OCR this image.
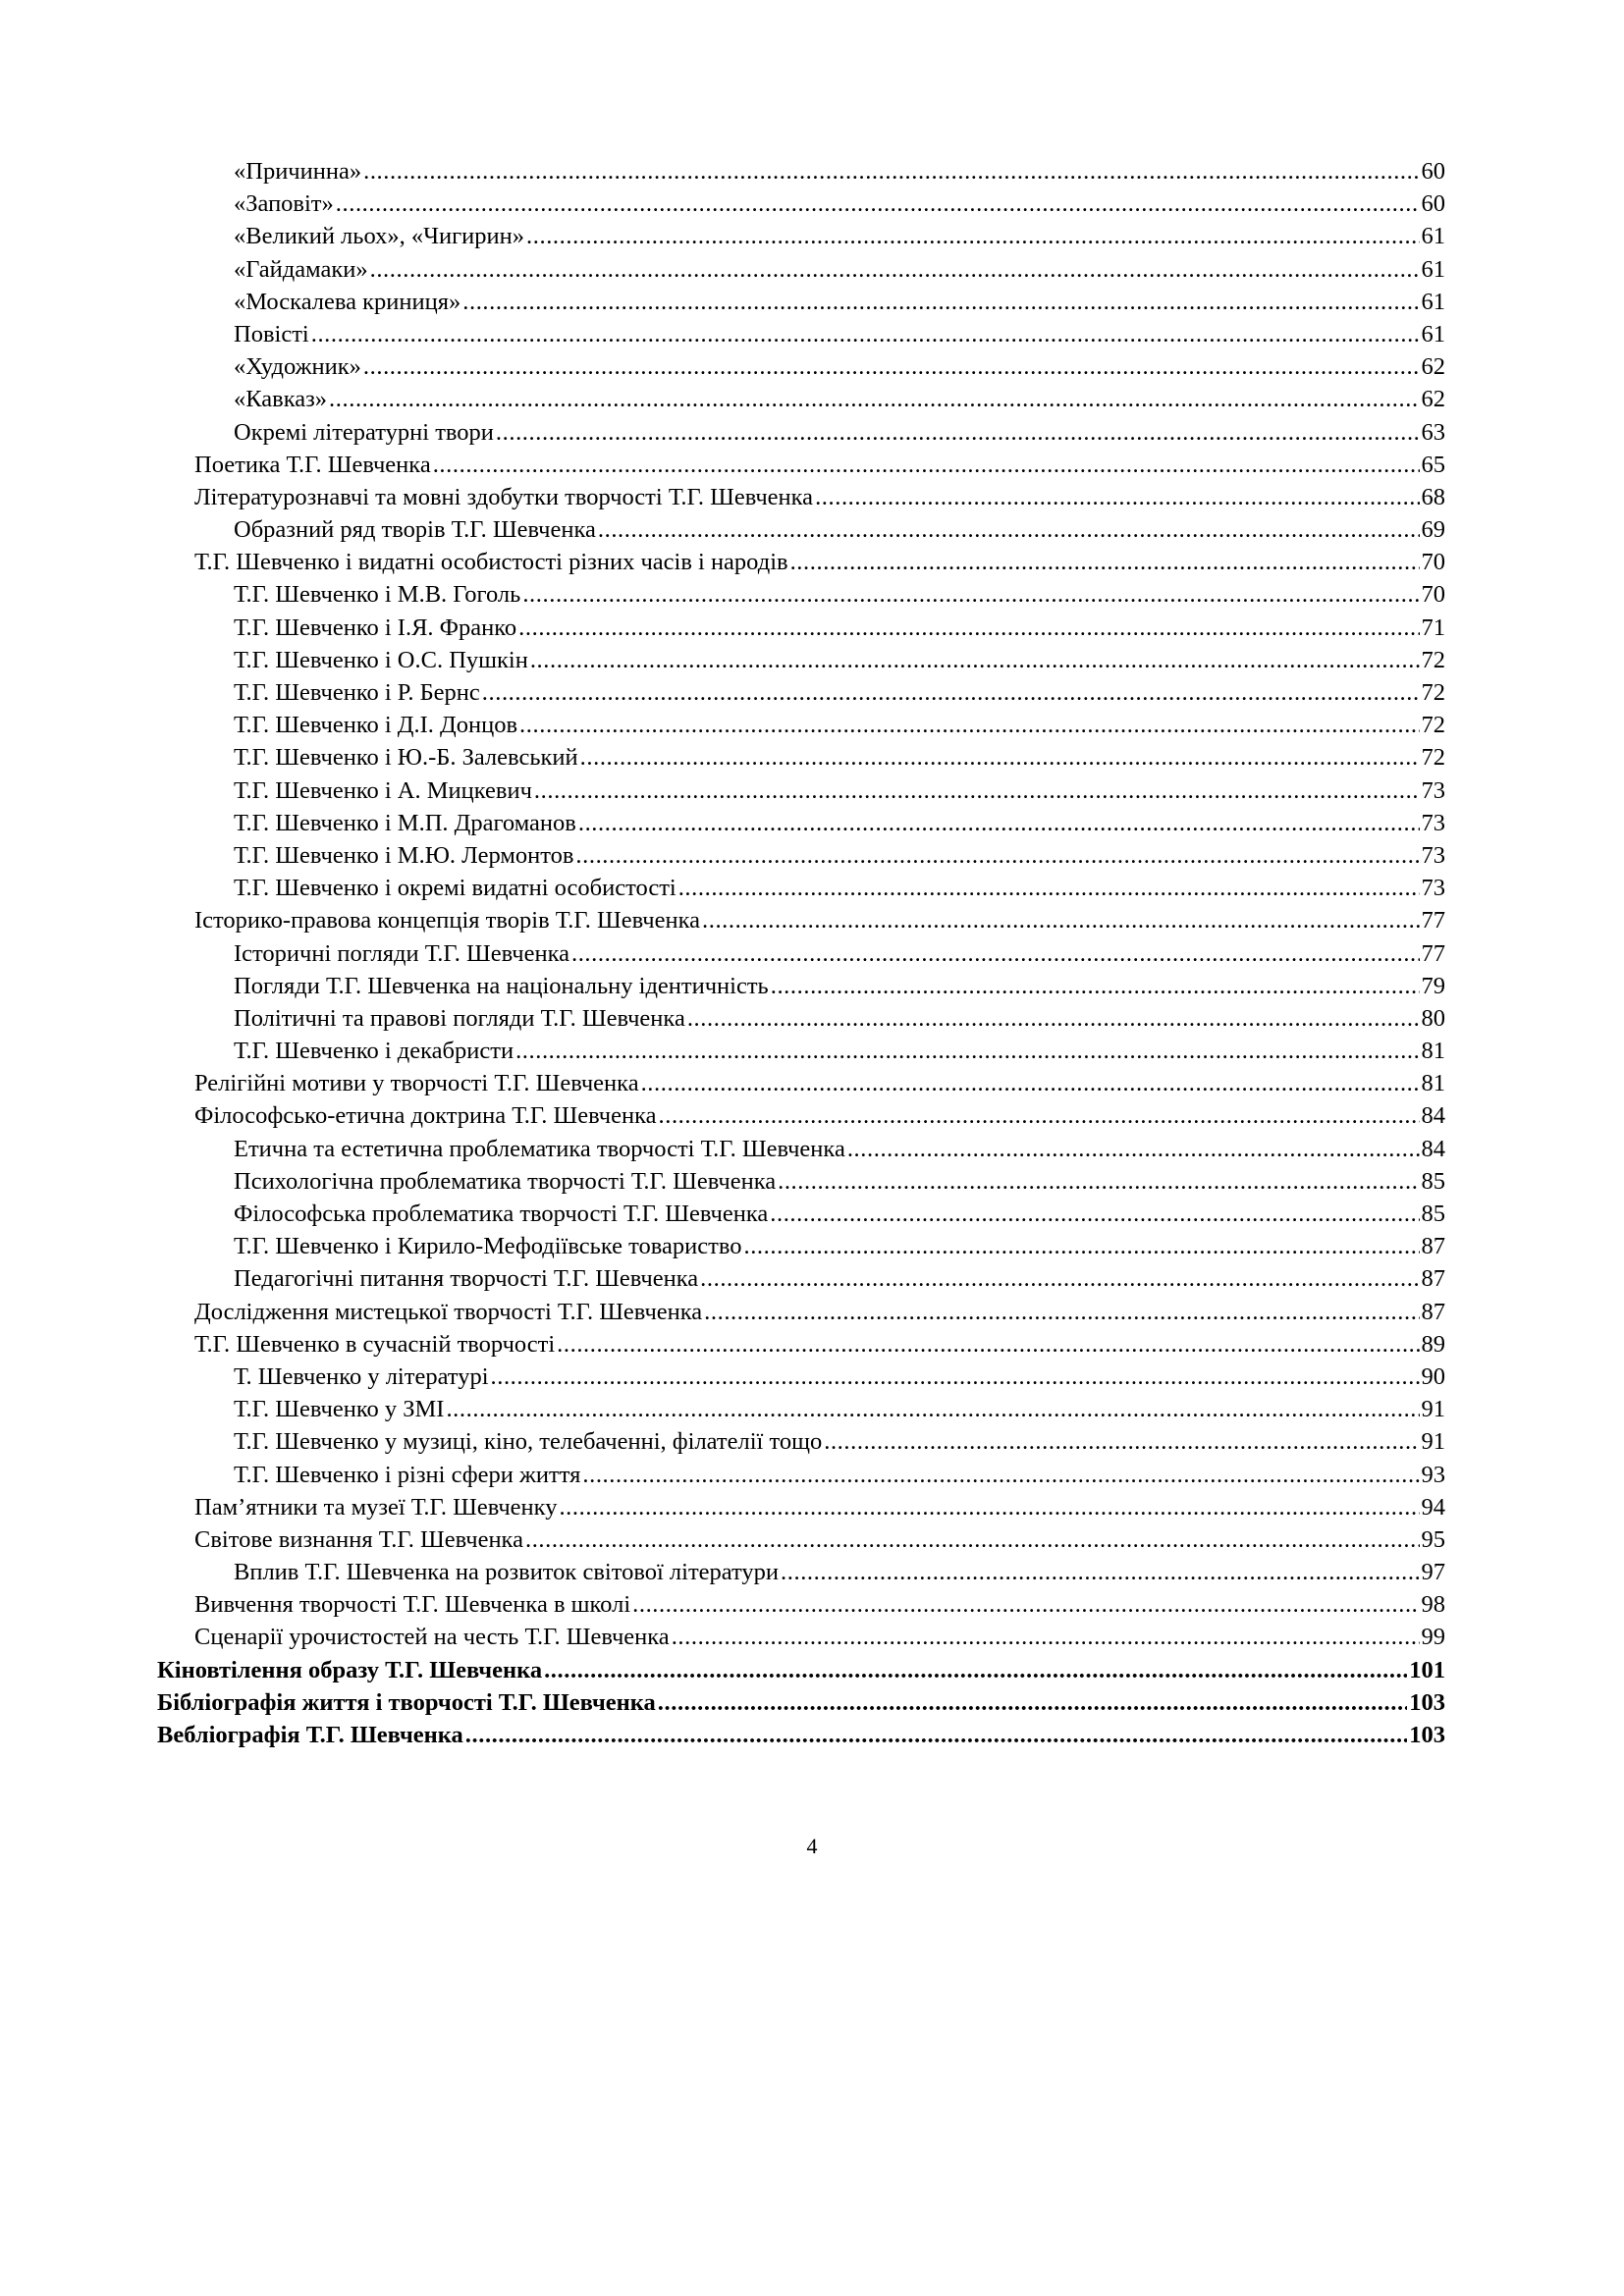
«Причинна» .....	60
«Заповіт» .....	60
«Великий льох», «Чигирин» .....	61
«Гайдамаки» .....	61
«Москалева криниця» .....	61
Повісті .....	61
«Художник» .....	62
«Кавказ» .....	62
Окремі літературні твори .....	63
Поетика Т.Г. Шевченка .....	65
Літературознавчі та мовні здобутки творчості Т.Г. Шевченка .....	68
Образний ряд творів Т.Г. Шевченка .....	69
Т.Г. Шевченко і видатні особистості різних часів і народів .....	70
Т.Г. Шевченко і М.В. Гоголь .....	70
Т.Г. Шевченко і І.Я. Франко .....	71
Т.Г. Шевченко і О.С. Пушкін .....	72
Т.Г. Шевченко і Р. Бернс .....	72
Т.Г. Шевченко і Д.І. Донцов .....	72
Т.Г. Шевченко і Ю.-Б. Залевський .....	72
Т.Г. Шевченко і А. Мицкевич .....	73
Т.Г. Шевченко і М.П. Драгоманов .....	73
Т.Г. Шевченко і М.Ю. Лермонтов .....	73
Т.Г. Шевченко і окремі видатні особистості .....	73
Історико-правова концепція творів Т.Г. Шевченка .....	77
Історичні погляди Т.Г. Шевченка .....	77
Погляди Т.Г. Шевченка на національну ідентичність .....	79
Політичні та правові погляди Т.Г. Шевченка .....	80
Т.Г. Шевченко і декабристи .....	81
Релігійні мотиви у творчості Т.Г. Шевченка .....	81
Філософсько-етична доктрина Т.Г. Шевченка .....	84
Етична та естетична проблематика творчості Т.Г. Шевченка .....	84
Психологічна проблематика творчості Т.Г. Шевченка .....	85
Філософська проблематика творчості Т.Г. Шевченка .....	85
Т.Г. Шевченко і Кирило-Мефодіївське товариство .....	87
Педагогічні питання творчості Т.Г. Шевченка .....	87
Дослідження мистецької творчості Т.Г. Шевченка .....	87
Т.Г. Шевченко в сучасній творчості .....	89
Т. Шевченко у літературі .....	90
Т.Г. Шевченко у ЗМІ .....	91
Т.Г. Шевченко у музиці, кіно, телебаченні, філателії тощо .....	91
Т.Г. Шевченко і різні сфери життя .....	93
Пам’ятники та музеї Т.Г. Шевченку .....	94
Світове визнання Т.Г. Шевченка .....	95
Вплив Т.Г. Шевченка на розвиток світової літератури .....	97
Вивчення творчості Т.Г. Шевченка в школі .....	98
Сценарії урочистостей на честь Т.Г. Шевченка .....	99
Кіновтілення образу Т.Г. Шевченка .....	101
Бібліографія життя і творчості Т.Г. Шевченка .....	103
Вебліографія Т.Г. Шевченка .....	103
4
